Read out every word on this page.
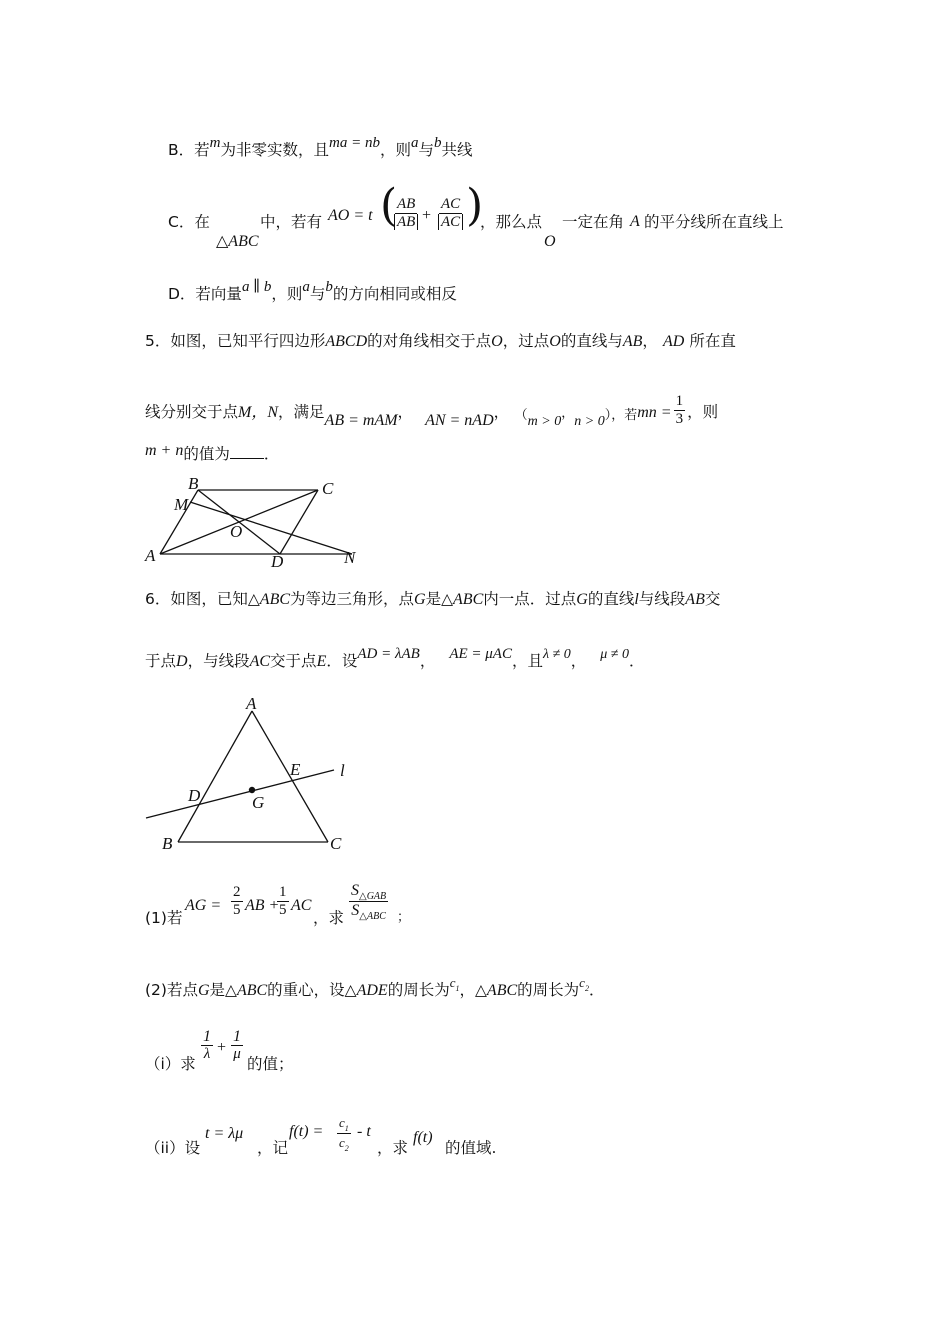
B．若m为非零实数，且ma = nb，则a与b共线
C．在
△ABC
中，若有 AO = t (
$\frac{AB}{AB} + \frac{AC}{AC}$ )
，那么点
O
一定在角 A 的平分线所在直线上
D．若向量a ∥ b，则a与b的方向相同或相反
5．如图，已知平行四边形ABCD的对角线相交于点O，过点O的直线与AB， AD 所在直
线分别交于点M，N，满足AB = mAM， AN = nAD， （m > 0，n > 0），若mn = $\frac{1}{3}$ ，则
m + n的值为 ．
B	C
M
O
A	D	N
6．如图，已知△ABC为等边三角形，点G是△ABC内一点．过点G的直线l与线段AB交
于点D，与线段AC交于点E．设AD = λAB， AE = μAC，且λ ≠ 0， μ ≠ 0．
A
E l
D	G
B	C
(1)若
AG = $\frac{2}{5}$ AB +
$\frac{1}{5}$ AC
，求
$S_{\triangle GAB}$
$S_{\triangle ABC}$ ；
(2)若点G是△ABC的重心，设△ADE的周长为$^{c_1}$，△ABC的周长为$^{c_2}$．
（i）求
$\frac{1}{\lambda} + \frac{1}{\mu}$
的值；
（ii）设
t = λμ
，记
$f(t) = \frac{c_1}{c_2} - t$
，求
f(t)
的值域.
